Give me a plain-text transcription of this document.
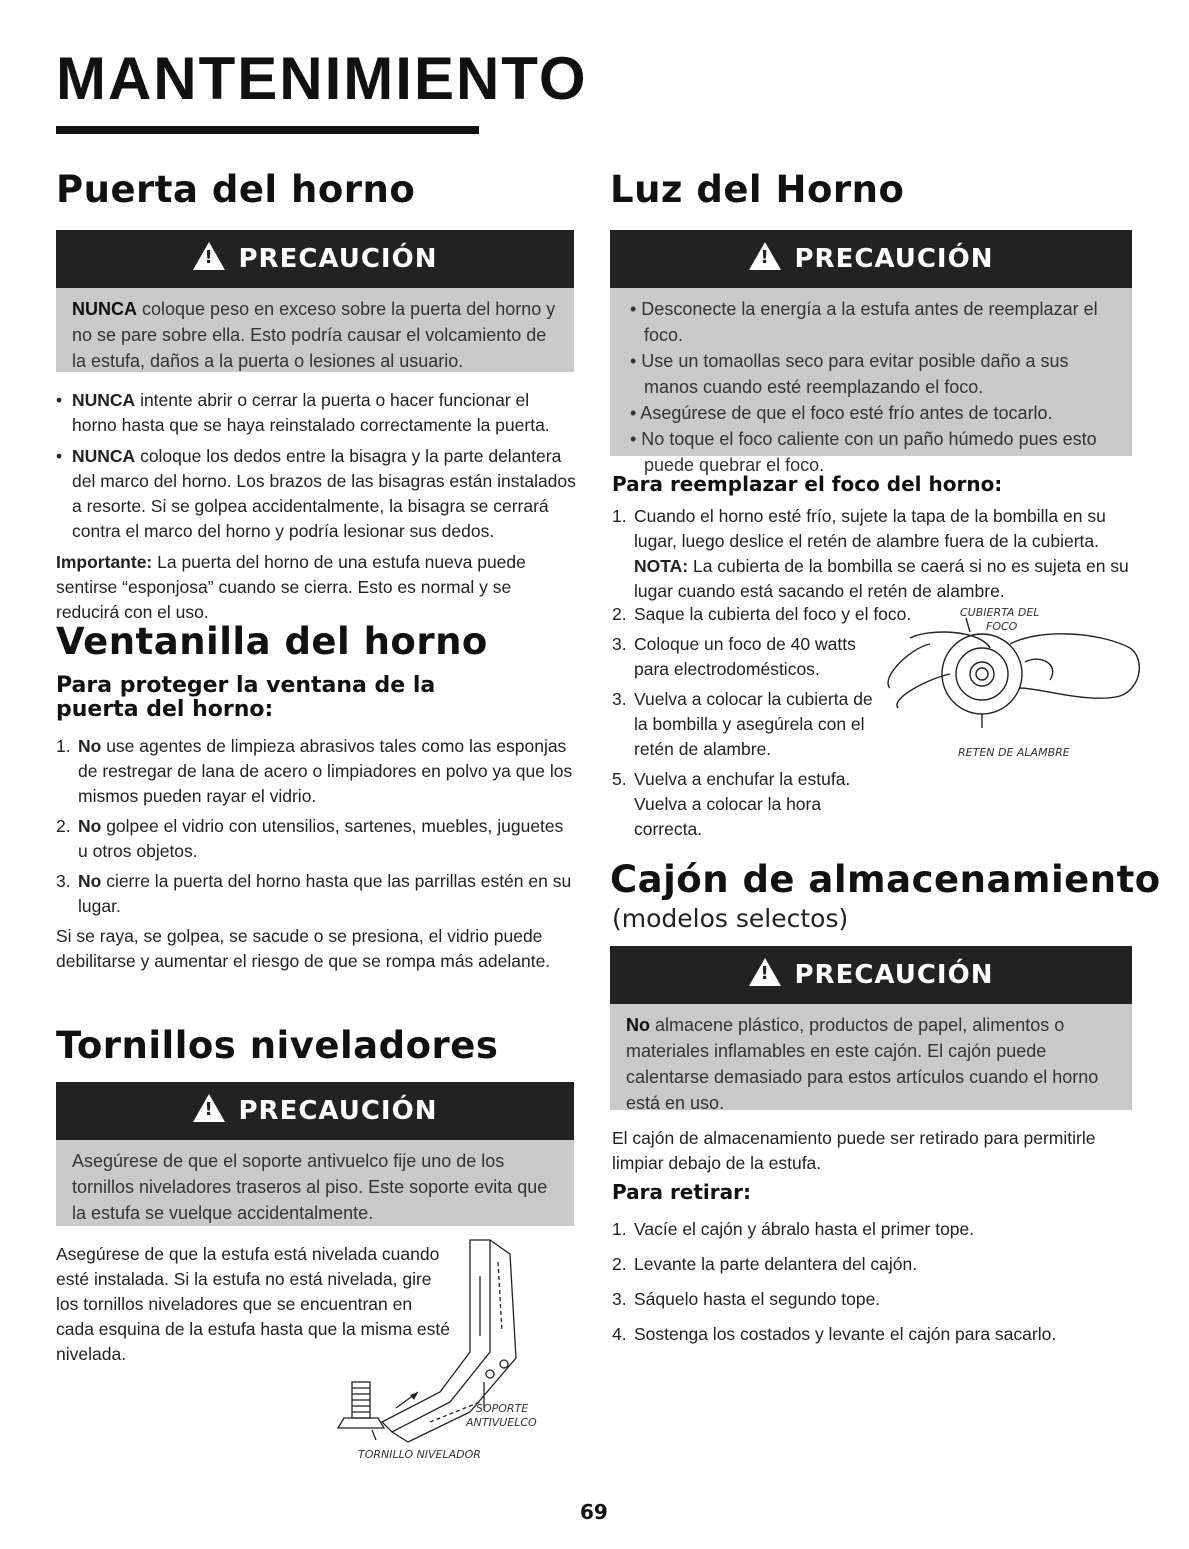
MANTENIMIENTO
Puerta del horno
! PRECAUCIÓN
NUNCA coloque peso en exceso sobre la puerta del horno y no se pare sobre ella. Esto podría causar el volcamiento de la estufa, daños a la puerta o lesiones al usuario.
• NUNCA intente abrir o cerrar la puerta o hacer funcionar el horno hasta que se haya reinstalado correctamente la puerta.
• NUNCA coloque los dedos entre la bisagra y la parte delantera del marco del horno. Los brazos de las bisagras están instalados a resorte. Si se golpea accidentalmente, la bisagra se cerrará contra el marco del horno y podría lesionar sus dedos.
Importante: La puerta del horno de una estufa nueva puede sentirse “esponjosa” cuando se cierra. Esto es normal y se reducirá con el uso.
Ventanilla del horno
Para proteger la ventana de la puerta del horno:
1. No use agentes de limpieza abrasivos tales como las esponjas de restregar de lana de acero o limpiadores en polvo ya que los mismos pueden rayar el vidrio.
2. No golpee el vidrio con utensilios, sartenes, muebles, juguetes u otros objetos.
3. No cierre la puerta del horno hasta que las parrillas estén en su lugar.
Si se raya, se golpea, se sacude o se presiona, el vidrio puede debilitarse y aumentar el riesgo de que se rompa más adelante.
Tornillos niveladores
! PRECAUCIÓN
Asegúrese de que el soporte antivuelco fije uno de los tornillos niveladores traseros al piso. Este soporte evita que la estufa se vuelque accidentalmente.
Asegúrese de que la estufa está nivelada cuando esté instalada. Si la estufa no está nivelada, gire los tornillos niveladores que se encuentran en cada esquina de la estufa hasta que la misma esté nivelada.
SOPORTE
ANTIVUELCO
TORNILLO NIVELADOR
Luz del Horno
! PRECAUCIÓN
• Desconecte la energía a la estufa antes de reemplazar el foco.
• Use un tomaollas seco para evitar posible daño a sus manos cuando esté reemplazando el foco.
• Asegúrese de que el foco esté frío antes de tocarlo.
• No toque el foco caliente con un paño húmedo pues esto puede quebrar el foco.
Para reemplazar el foco del horno:
1. Cuando el horno esté frío, sujete la tapa de la bombilla en su lugar, luego deslice el retén de alambre fuera de la cubierta.
NOTA: La cubierta de la bombilla se caerá si no es sujeta en su lugar cuando está sacando el retén de alambre.
2. Saque la cubierta del foco y el foco.
3. Coloque un foco de 40 watts para electrodomésticos.
3. Vuelva a colocar la cubierta de la bombilla y asegúrela con el retén de alambre.
5. Vuelva a enchufar la estufa. Vuelva a colocar la hora correcta.
CUBIERTA DEL
FOCO
RETEN DE ALAMBRE
Cajón de almacenamiento
(modelos selectos)
! PRECAUCIÓN
No almacene plástico, productos de papel, alimentos o materiales inflamables en este cajón. El cajón puede calentarse demasiado para estos artículos cuando el horno está en uso.
El cajón de almacenamiento puede ser retirado para permitirle limpiar debajo de la estufa.
Para retirar:
1. Vacíe el cajón y ábralo hasta el primer tope.
2. Levante la parte delantera del cajón.
3. Sáquelo hasta el segundo tope.
4. Sostenga los costados y levante el cajón para sacarlo.
69
